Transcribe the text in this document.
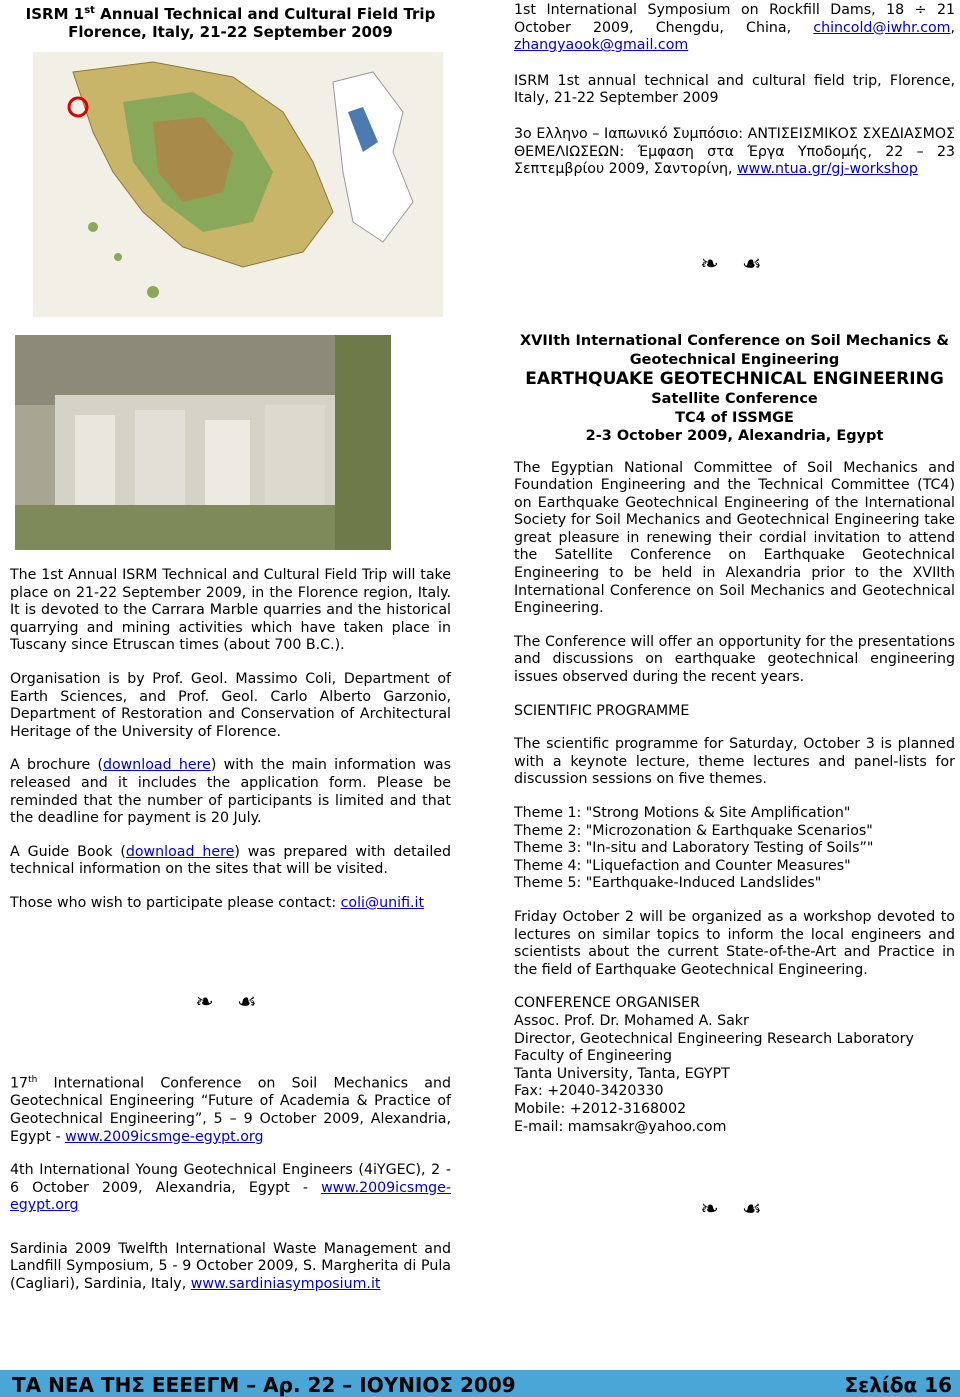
ISRM 1st Annual Technical and Cultural Field Trip
Florence, Italy, 21-22 September 2009

1st International Symposium on Rockfill Dams, 18 ÷ 21 October 2009, Chengdu, China, chincold@iwhr.com, zhangyaook@gmail.com

ISRM 1st annual technical and cultural field trip, Florence, Italy, 21-22 September 2009

3ο Ελληνο – Ιαπωνικό Συμπόσιο: ΑΝΤΙΣΕΙΣΜΙΚΟΣ ΣΧΕΔΙΑΣΜΟΣ ΘΕΜΕΛΙΩΣΕΩΝ: Έμφαση στα Έργα Υποδομής, 22 – 23 Σεπτεμβρίου 2009, Σαντορίνη, www.ntua.gr/gj-workshop

❧ ☙
XVIIth International Conference on Soil Mechanics & Geotechnical Engineering
EARTHQUAKE GEOTECHNICAL ENGINEERING
Satellite Conference
TC4 of ISSMGE
2-3 October 2009, Alexandria, Egypt

The Egyptian National Committee of Soil Mechanics and Foundation Engineering and the Technical Committee (TC4) on Earthquake Geotechnical Engineering of the International Society for Soil Mechanics and Geotechnical Engineering take great pleasure in renewing their cordial invitation to attend the Satellite Conference on Earthquake Geotechnical Engineering to be held in Alexandria prior to the XVIIth International Conference on Soil Mechanics and Geotechnical Engineering.

The Conference will offer an opportunity for the presentations and discussions on earthquake geotechnical engineering issues observed during the recent years.

SCIENTIFIC PROGRAMME

The scientific programme for Saturday, October 3 is planned with a keynote lecture, theme lectures and panel-lists for discussion sessions on five themes.

Theme 1: "Strong Motions & Site Amplification"
Theme 2: "Microzonation & Earthquake Scenarios"
Theme 3: "In-situ and Laboratory Testing of Soils”"
Theme 4: "Liquefaction and Counter Measures"
Theme 5: "Earthquake-Induced Landslides"

Friday October 2 will be organized as a workshop devoted to lectures on similar topics to inform the local engineers and scientists about the current State-of-the-Art and Practice in the field of Earthquake Geotechnical Engineering.

CONFERENCE ORGANISER
Assoc. Prof. Dr. Mohamed A. Sakr
Director, Geotechnical Engineering Research Laboratory
Faculty of Engineering
Tanta University, Tanta, EGYPT
Fax: +2040-3420330
Mobile: +2012-3168002
E-mail: mamsakr@yahoo.com
❧ ☙

The 1st Annual ISRM Technical and Cultural Field Trip will take place on 21-22 September 2009, in the Florence region, Italy. It is devoted to the Carrara Marble quarries and the historical quarrying and mining activities which have taken place in Tuscany since Etruscan times (about 700 B.C.).

Organisation is by Prof. Geol. Massimo Coli, Department of Earth Sciences, and Prof. Geol. Carlo Alberto Garzonio, Department of Restoration and Conservation of Architectural Heritage of the University of Florence.

A brochure (download here) with the main information was released and it includes the application form. Please be reminded that the number of participants is limited and that the deadline for payment is 20 July.

A Guide Book (download here) was prepared with detailed technical information on the sites that will be visited.

Those who wish to participate please contact: coli@unifi.it

❧ ☙

17th International Conference on Soil Mechanics and Geotechnical Engineering “Future of Academia & Practice of Geotechnical Engineering”, 5 – 9 October 2009, Alexandria, Egypt - www.2009icsmge-egypt.org

4th International Young Geotechnical Engineers (4iYGEC), 2 - 6 October 2009, Alexandria, Egypt - www.2009icsmge-egypt.org

Sardinia 2009 Twelfth International Waste Management and Landfill Symposium, 5 - 9 October 2009, S. Margherita di Pula (Cagliari), Sardinia, Italy, www.sardiniasymposium.it

ΤΑ ΝΕΑ ΤΗΣ ΕΕΕΕΓΜ – Αρ. 22 – ΙΟΥΝΙΟΣ 2009	Σελίδα 16
